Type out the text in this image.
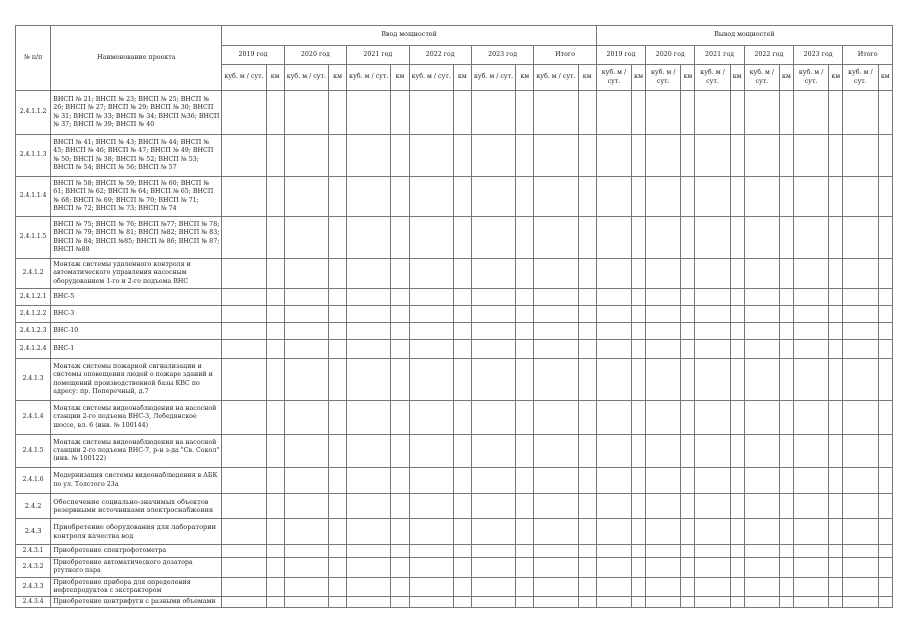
№ п/п	Наименование проекта	Ввод мощностей												Вывод мощностей											
		2019 год		2020 год		2021 год		2022 год		2023 год		Итого		2019 год		2020 год		2021 год		2022 год		2023 год		Итого	
		куб. м / сут.	км	куб. м / сут.	км	куб. м / сут.	км	куб. м / сут.	км	куб. м / сут.	км	куб. м / сут.	км	куб. м / сут.	км	куб. м / сут.	км	куб. м / сут.	км	куб. м / сут.	км	куб. м / сут.	км	куб. м / сут.	км
2.4.1.1.2	ВНСП № 21; ВНСП № 23; ВНСП № 25; ВНСП № 26; ВНСП № 27; ВНСП № 29; ВНСП № 30; ВНСП № 31; ВНСП № 33; ВНСП № 34; ВНСП №36; ВНСП № 37; ВНСП № 39; ВНСП № 40																								
2.4.1.1.3	ВНСП № 41; ВНСП № 43; ВНСП № 44; ВНСП № 45; ВНСП № 46; ВНСП № 47; ВНСП № 49; ВНСП № 50; ВНСП № 38; ВНСП № 52; ВНСП № 53; ВНСП № 54; ВНСП № 56; ВНСП № 57																								
2.4.1.1.4	ВНСП № 58; ВНСП № 59; ВНСП № 60; ВНСП № 61; ВНСП № 62; ВНСП № 64; ВНСП № 65; ВНСП № 68; ВНСП № 69; ВНСП № 70; ВНСП № 71; ВНСП № 72; ВНСП № 73; ВНСП № 74																								
2.4.1.1.5	ВНСП № 75; ВНСП № 76; ВНСП №77; ВНСП № 78; ВНСП № 79; ВНСП № 81; ВНСП №82; ВНСП № 83; ВНСП № 84; ВНСП №85; ВНСП № 86; ВНСП № 87; ВНСП №88																								
2.4.1.2	Монтаж системы удаленного контроля и автоматического управления насосным оборудованием 1-го и 2-го подъема ВНС																								
2.4.1.2.1	ВНС-5																								
2.4.1.2.2	ВНС-3																								
2.4.1.2.3	ВНС-10																								
2.4.1.2.4	ВНС-1																								
2.4.1.3	Монтаж системы пожарной сигнализации и системы оповещения людей о пожаре зданий и помещений производственной базы КВС по адресу: пр. Поперечный, д.7																								
2.4.1.4	Монтаж системы видеонаблюдения на насосной станции 2-го подъема ВНС-3, Лебедянское шоссе, вл. 6 (инв. № 100144)																								
2.4.1.5	Монтаж системы видеонаблюдения на насосной станции 2-го подъема ВНС-7, р-н з-да "Св. Сокол" (инв. № 100122)																								
2.4.1.6	Модернизация системы видеонаблюдения в АБК по ул. Толстого 23а																								
2.4.2	Обеспечение социально-значимых объектов резервными источниками электроснабжения																								
2.4.3	Приобретение оборудования для лаборатории контроля качества вод																								
2.4.3.1	Приобретение спектрофотометра																								
2.4.3.2	Приобретение автоматического дозатора ртутного пара																								
2.4.3.3	Приобретение прибора для определения нефтепродуктов с экстрактором																								
2.4.3.4	Приобретение центрифуги с разными объемами																								
